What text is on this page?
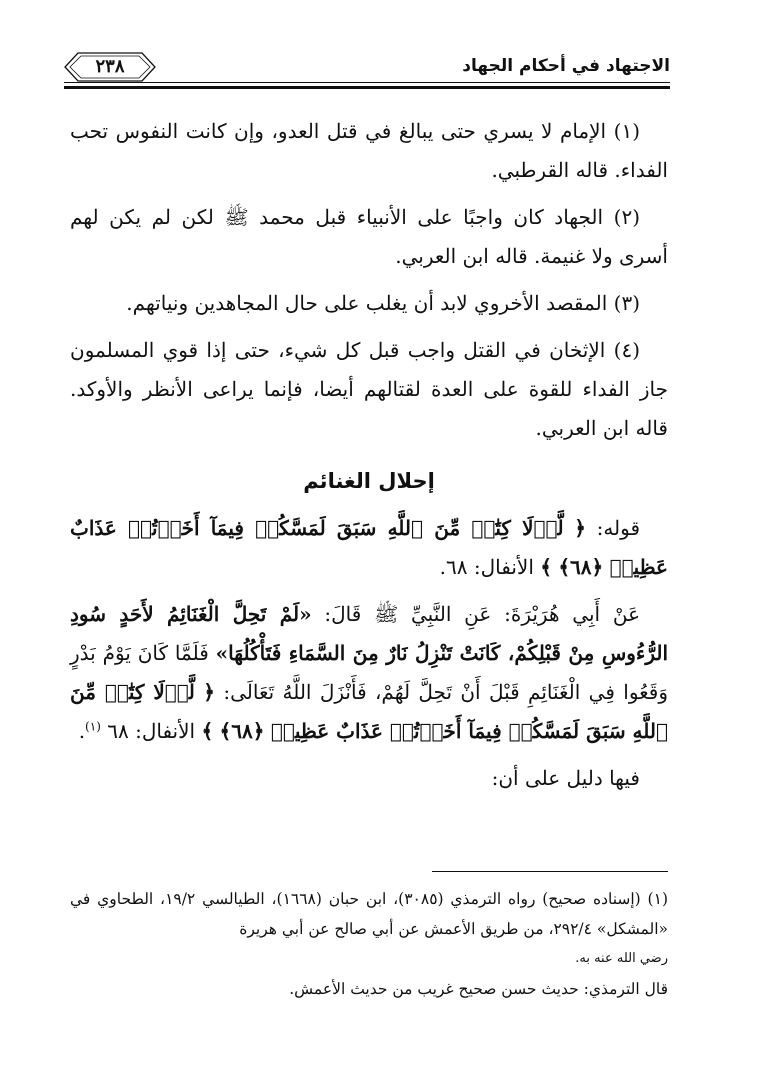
الاجتهاد في أحكام الجهاد
٢٣٨

(١) الإمام لا يسري حتى يبالغ في قتل العدو، وإن كانت النفوس تحب الفداء. قاله القرطبي.

(٢) الجهاد كان واجبًا على الأنبياء قبل محمد ﷺ لكن لم يكن لهم أسرى ولا غنيمة. قاله ابن العربي.

(٣) المقصد الأخروي لابد أن يغلب على حال المجاهدين ونياتهم.

(٤) الإثخان في القتل واجب قبل كل شيء، حتى إذا قوي المسلمون جاز الفداء للقوة على العدة لقتالهم أيضا، فإنما يراعى الأنظر والأوكد. قاله ابن العربي.

إحلال الغنائم

قوله: ﴿ لَّوۡلَا كِتَٰبٞ مِّنَ ٱللَّهِ سَبَقَ لَمَسَّكُمۡ فِيمَآ أَخَذۡتُمۡ عَذَابٌ عَظِيمٞ ﴿٦٨﴾ ﴾ الأنفال: ٦٨.

عَنْ أَبِي هُرَيْرَةَ: عَنِ النَّبِيِّ ﷺ قَالَ: «لَمْ تَحِلَّ الْغَنَائِمُ لأَحَدٍ سُودِ الرُّءُوسِ مِنْ قَبْلِكُمْ، كَانَتْ تَنْزِلُ نَارٌ مِنَ السَّمَاءِ فَتَأْكُلُهَا» فَلَمَّا كَانَ يَوْمُ بَدْرٍ وَقَعُوا فِي الْغَنَائِمِ قَبْلَ أَنْ تَحِلَّ لَهُمْ، فَأَنْزَلَ اللَّهُ تَعَالَى: ﴿ لَّوۡلَا كِتَٰبٞ مِّنَ ٱللَّهِ سَبَقَ لَمَسَّكُمۡ فِيمَآ أَخَذۡتُمۡ عَذَابٌ عَظِيمٞ ﴿٦٨﴾ ﴾ الأنفال: ٦٨ $^{(١)}$.

فيها دليل على أن:

(١) (إسناده صحيح) رواه الترمذي (٣٠٨٥)، ابن حبان (١٦٦٨)، الطيالسي ١٩/٢، الطحاوي في «المشكل» ٢٩٢/٤، من طريق الأعمش عن أبي صالح عن أبي هريرة

رضي الله عنه به.

قال الترمذي: حديث حسن صحيح غريب من حديث الأعمش.
